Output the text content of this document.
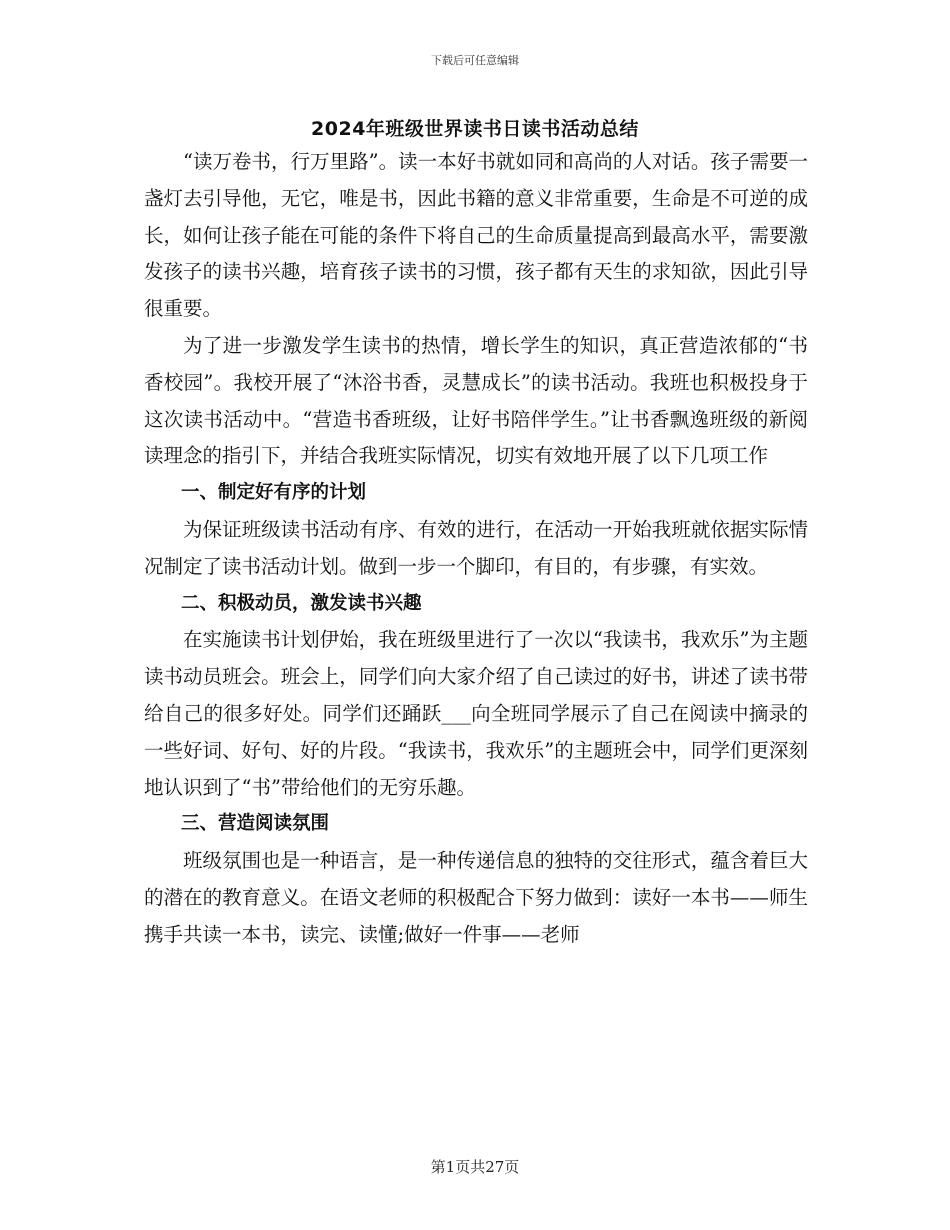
下载后可任意编辑
2024年班级世界读书日读书活动总结

“读万卷书，行万里路”。读一本好书就如同和高尚的人对话。孩子需要一盏灯去引导他，无它，唯是书，因此书籍的意义非常重要，生命是不可逆的成长，如何让孩子能在可能的条件下将自己的生命质量提高到最高水平，需要激发孩子的读书兴趣，培育孩子读书的习惯，孩子都有天生的求知欲，因此引导很重要。

为了进一步激发学生读书的热情，增长学生的知识，真正营造浓郁的“书香校园”。我校开展了“沐浴书香，灵慧成长”的读书活动。我班也积极投身于这次读书活动中。“营造书香班级，让好书陪伴学生。”让书香飘逸班级的新阅读理念的指引下，并结合我班实际情况，切实有效地开展了以下几项工作

一、制定好有序的计划

为保证班级读书活动有序、有效的进行，在活动一开始我班就依据实际情况制定了读书活动计划。做到一步一个脚印，有目的，有步骤，有实效。

二、积极动员，激发读书兴趣

在实施读书计划伊始，我在班级里进行了一次以“我读书，我欢乐”为主题读书动员班会。班会上，同学们向大家介绍了自己读过的好书，讲述了读书带给自己的很多好处。同学们还踊跃___向全班同学展示了自己在阅读中摘录的一些好词、好句、好的片段。“我读书，我欢乐”的主题班会中，同学们更深刻地认识到了“书”带给他们的无穷乐趣。

三、营造阅读氛围

班级氛围也是一种语言，是一种传递信息的独特的交往形式，蕴含着巨大的潜在的教育意义。在语文老师的积极配合下努力做到：读好一本书——师生携手共读一本书，读完、读懂;做好一件事——老师

第1页共27页
